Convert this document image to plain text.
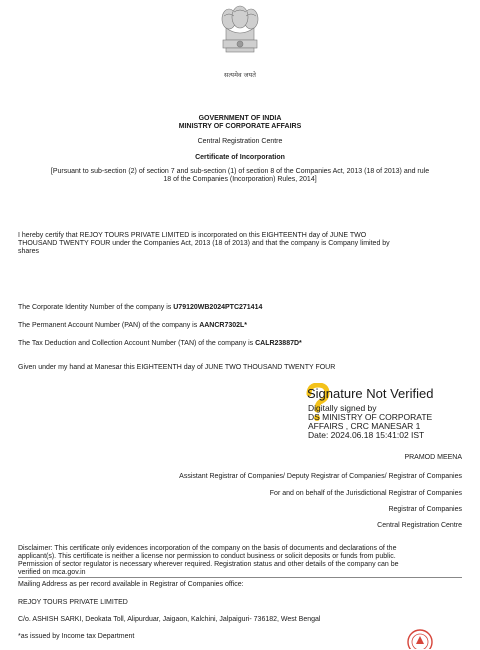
सत्यमेव जयते
GOVERNMENT OF INDIA
MINISTRY OF CORPORATE AFFAIRS
Central Registration Centre
Certificate of Incorporation
[Pursuant to sub-section (2) of section 7 and sub-section (1) of section 8 of the Companies Act, 2013 (18 of 2013) and rule
18 of the Companies (Incorporation) Rules, 2014]
I hereby certify that REJOY TOURS PRIVATE LIMITED is incorporated on this EIGHTEENTH day of JUNE TWO
THOUSAND TWENTY FOUR under the Companies Act, 2013 (18 of 2013) and that the company is Company limited by
shares
The Corporate Identity Number of the company is U79120WB2024PTC271414
The Permanent Account Number (PAN) of the company is AANCR7302L*
The Tax Deduction and Collection Account Number (TAN) of the company is CALR23887D*
Given under my hand at Manesar this EIGHTEENTH day of JUNE TWO THOUSAND TWENTY FOUR
Signature Not Verified
Digitally signed by
DS MINISTRY OF CORPORATE
AFFAIRS , CRC MANESAR 1
Date: 2024.06.18 15:41:02 IST
PRAMOD MEENA
Assistant Registrar of Companies/ Deputy Registrar of Companies/ Registrar of Companies
For and on behalf of the Jurisdictional Registrar of Companies
Registrar of Companies
Central Registration Centre
Disclaimer: This certificate only evidences incorporation of the company on the basis of documents and declarations of the
applicant(s). This certificate is neither a license nor permission to conduct business or solicit deposits or funds from public.
Permission of sector regulator is necessary wherever required. Registration status and other details of the company can be
verified on mca.gov.in
Mailing Address as per record available in Registrar of Companies office:
REJOY TOURS PRIVATE LIMITED
C/o. ASHISH SARKI, Deokata Toll, Alipurduar, Jaigaon, Kalchini, Jalpaiguri- 736182, West Bengal
*as issued by Income tax Department
